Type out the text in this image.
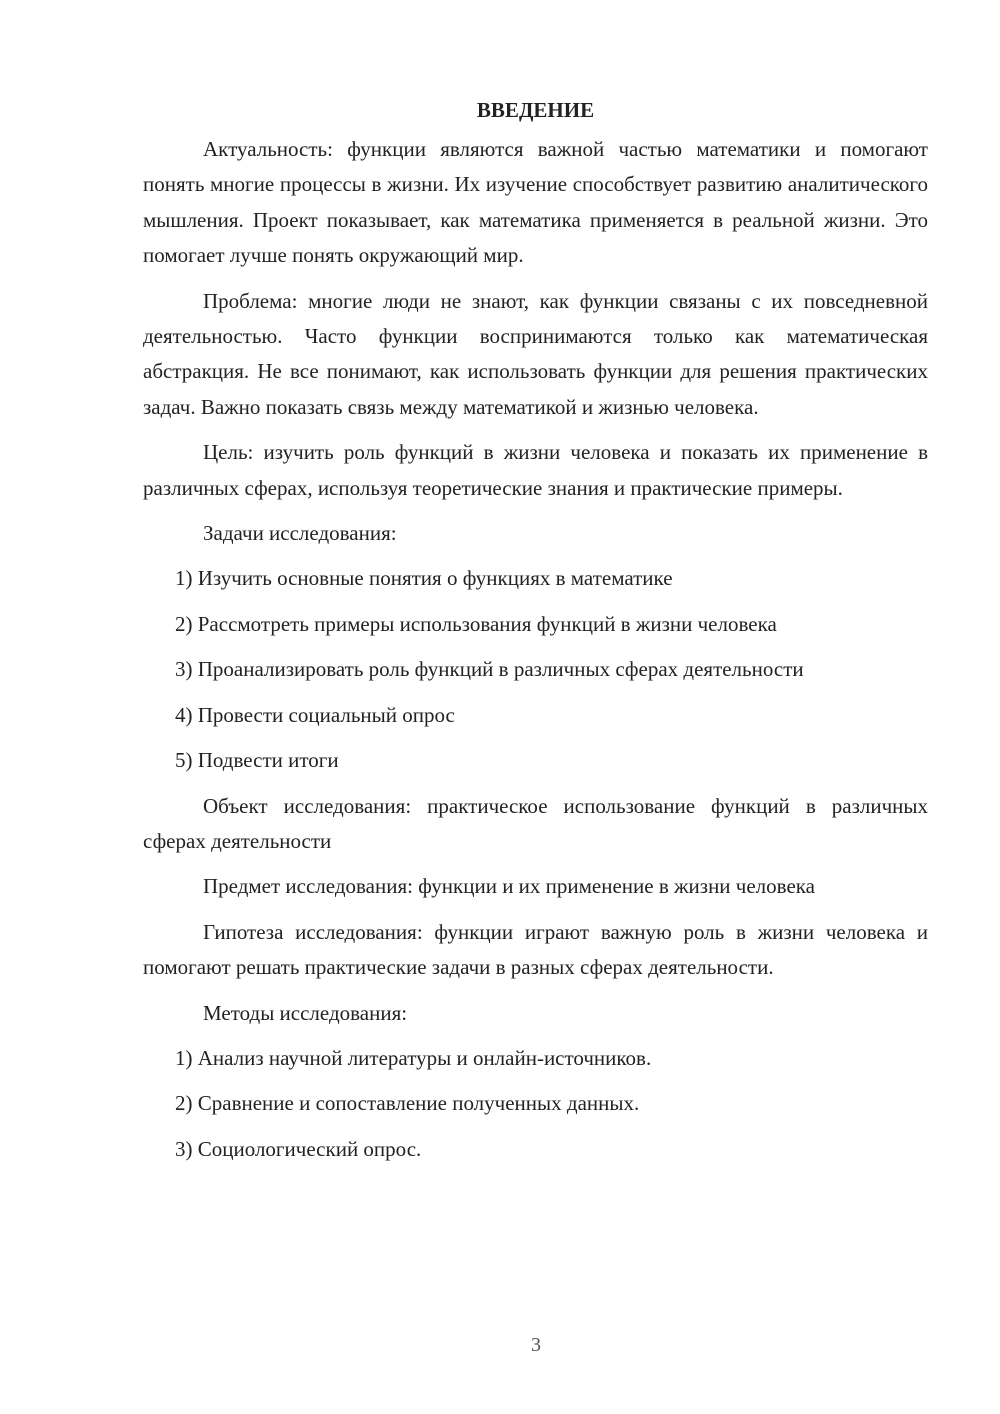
ВВЕДЕНИЕ

Актуальность: функции являются важной частью математики и помогают понять многие процессы в жизни. Их изучение способствует развитию аналитического мышления. Проект показывает, как математика применяется в реальной жизни. Это помогает лучше понять окружающий мир.

Проблема: многие люди не знают, как функции связаны с их повседневной деятельностью. Часто функции воспринимаются только как математическая абстракция. Не все понимают, как использовать функции для решения практических задач. Важно показать связь между математикой и жизнью человека.

Цель: изучить роль функций в жизни человека и показать их применение в различных сферах, используя теоретические знания и практические примеры.

Задачи исследования:

1) Изучить основные понятия о функциях в математике
2) Рассмотреть примеры использования функций в жизни человека
3) Проанализировать роль функций в различных сферах деятельности
4) Провести социальный опрос
5) Подвести итоги

Объект исследования: практическое использование функций в различных сферах деятельности

Предмет исследования: функции и их применение в жизни человека

Гипотеза исследования: функции играют важную роль в жизни человека и помогают решать практические задачи в разных сферах деятельности.

Методы исследования:

1) Анализ научной литературы и онлайн-источников.
2) Сравнение и сопоставление полученных данных.
3) Социологический опрос.
3
